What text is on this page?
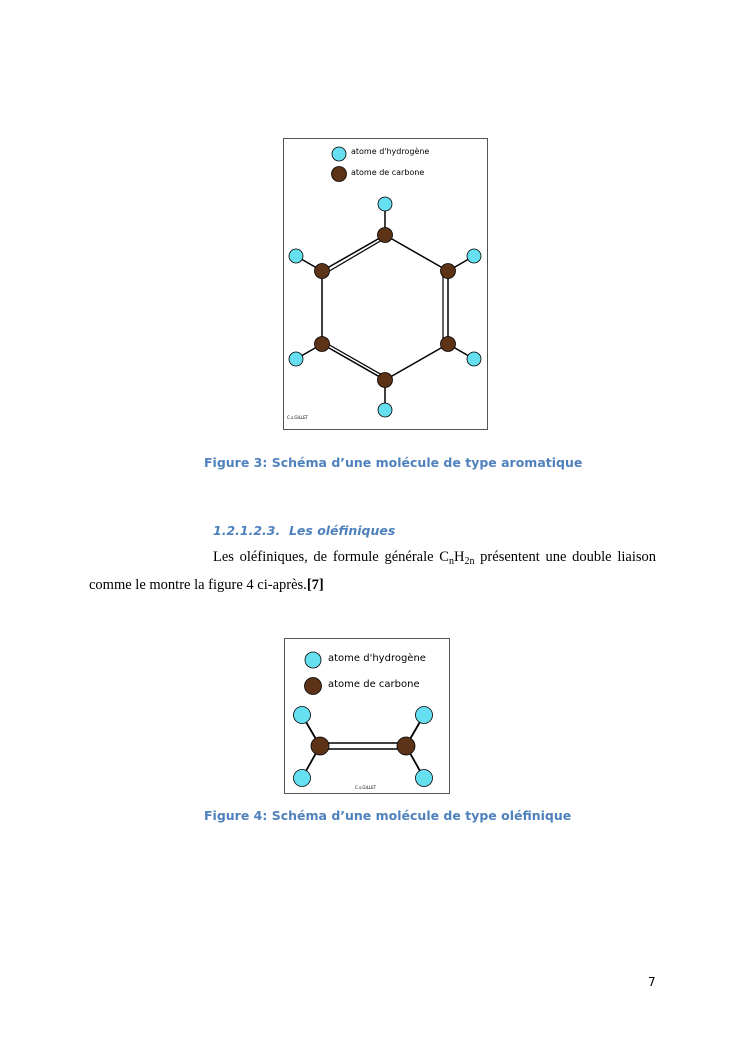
atome d'hydrogène
atome de carbone
C.s.GILLET
Figure 3: Schéma d’une molécule de type aromatique
1.2.1.2.3. Les oléfiniques
Les oléfiniques, de formule générale $C_nH_{2n}$ présentent une double liaison
comme le montre la figure 4 ci-après.[7]
atome d'hydrogène
atome de carbone
C.s.GILLET
Figure 4: Schéma d’une molécule de type oléfinique
7
